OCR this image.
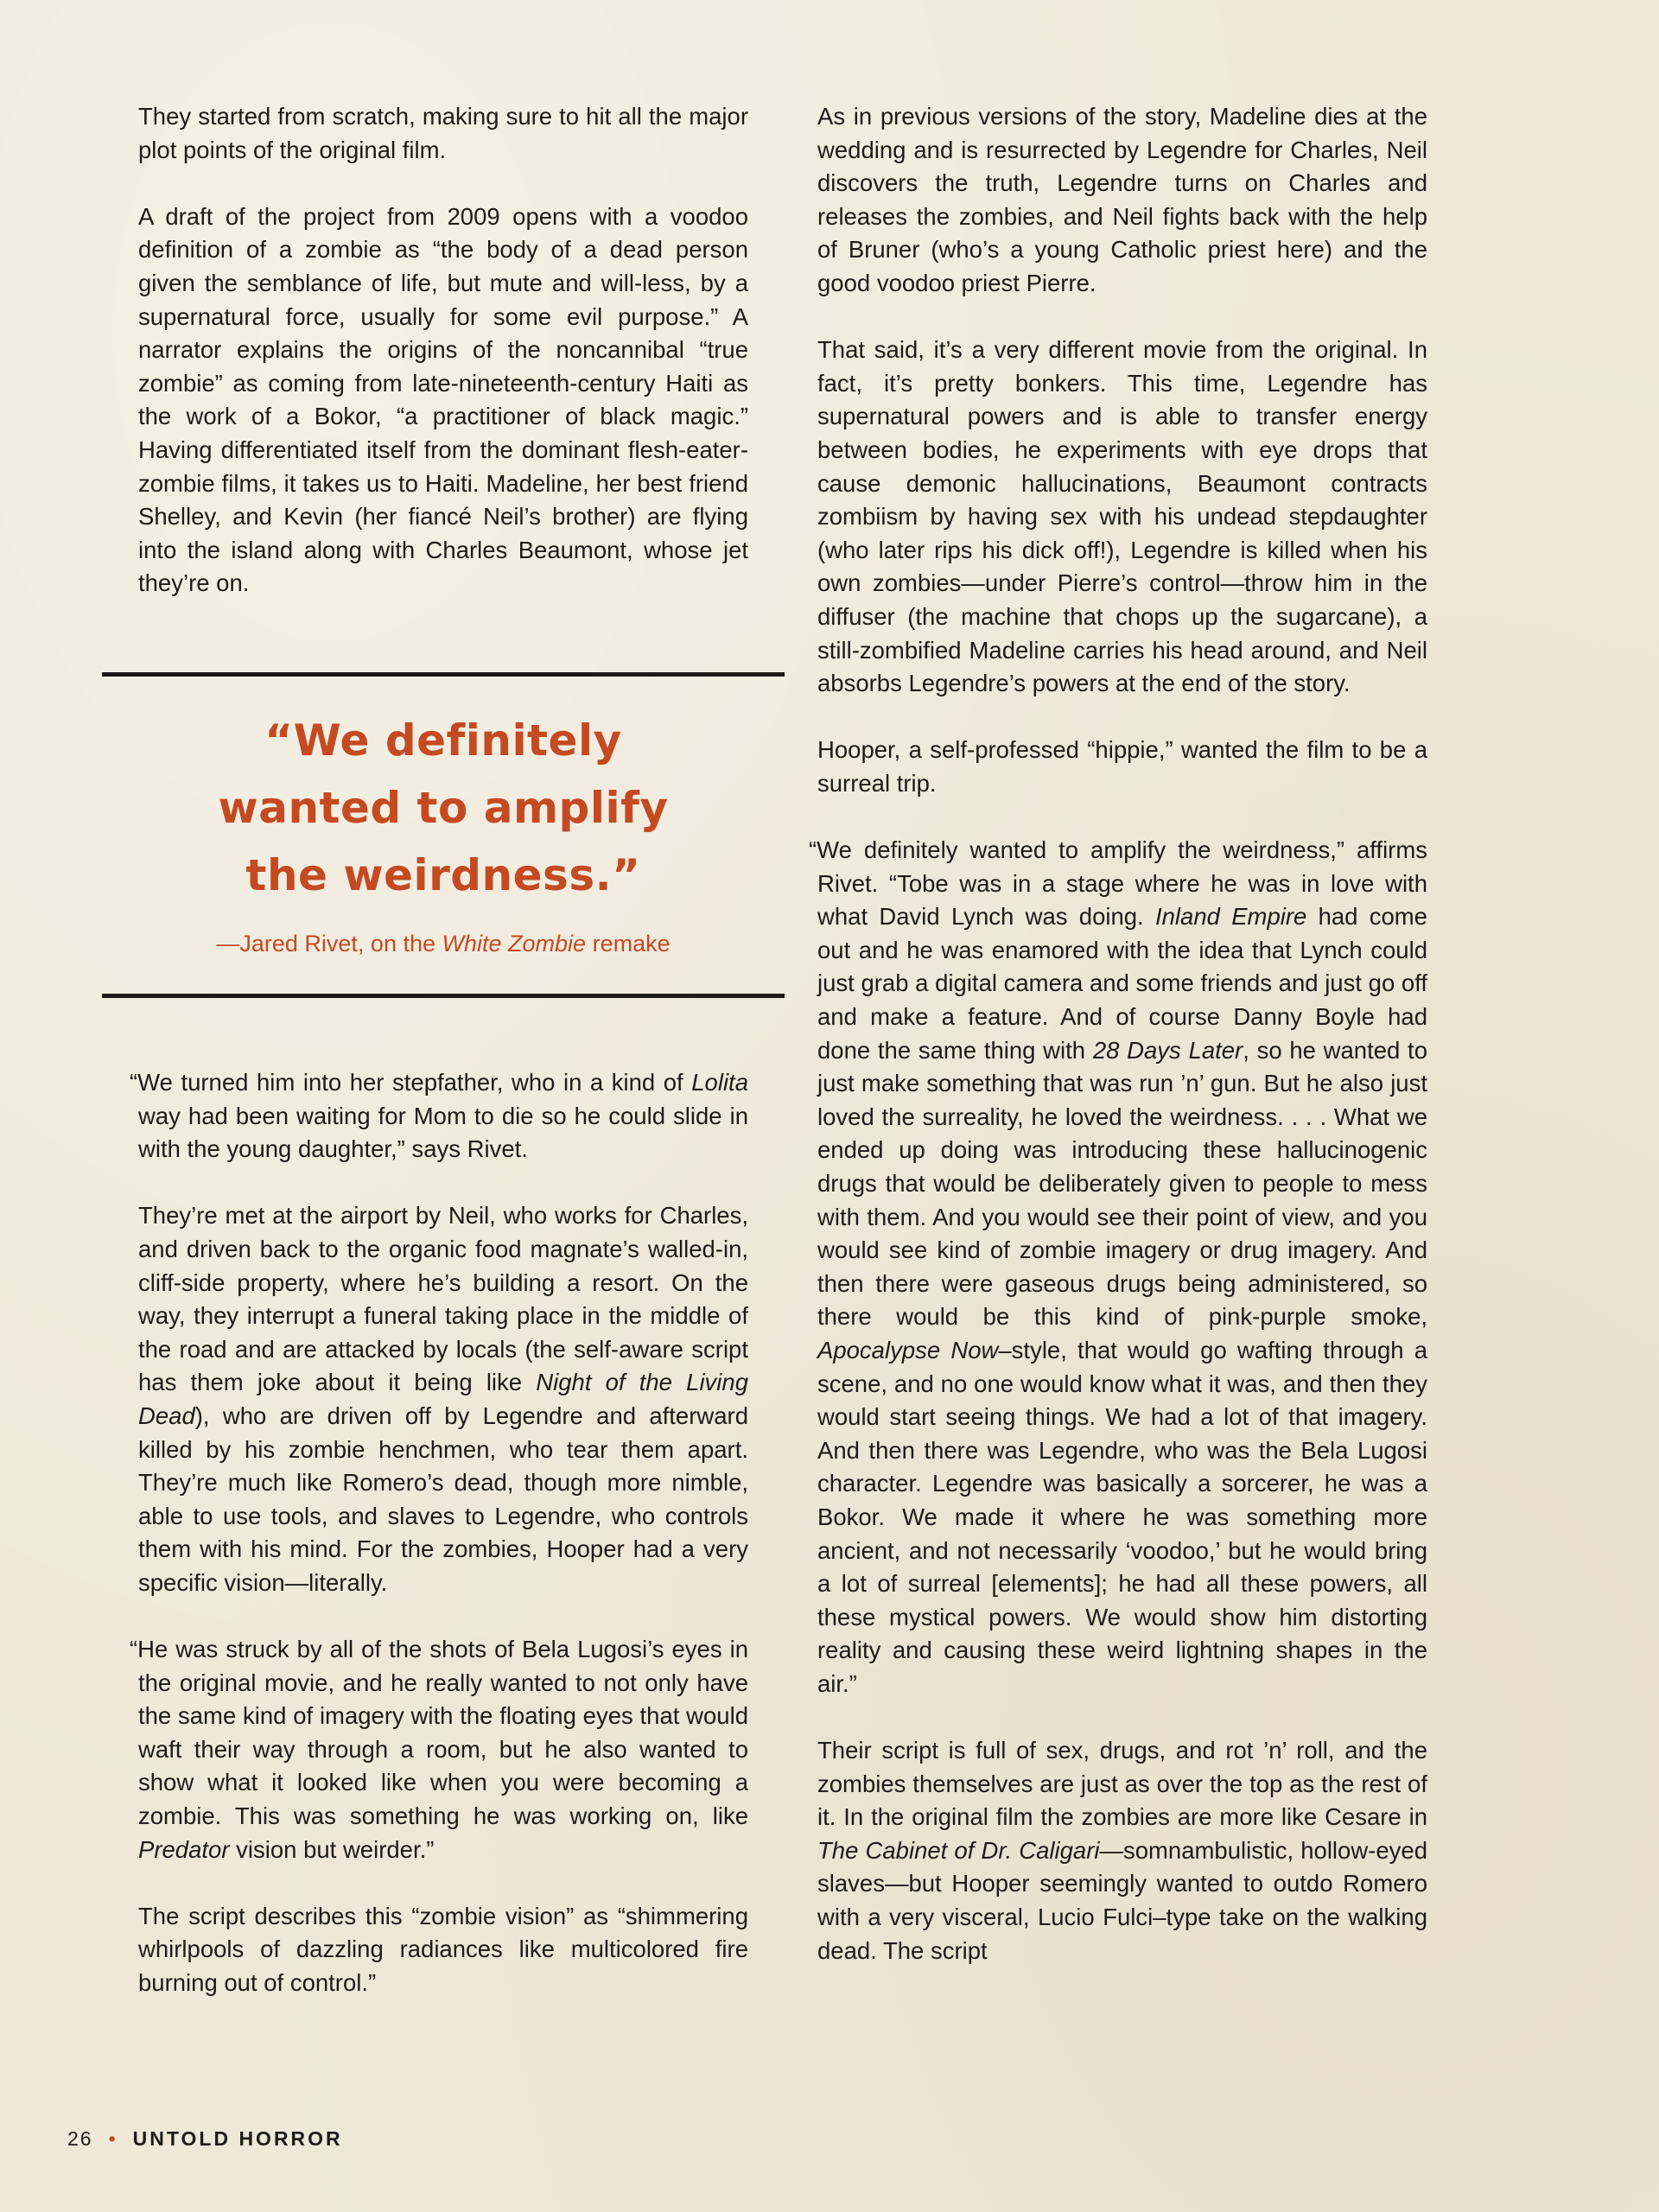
They started from scratch, making sure to hit all the major plot points of the original film.

A draft of the project from 2009 opens with a voodoo definition of a zombie as “the body of a dead person given the semblance of life, but mute and will-less, by a supernatural force, usually for some evil purpose.” A narrator explains the origins of the noncannibal “true zombie” as coming from late-nineteenth-century Haiti as the work of a Bokor, “a practitioner of black magic.” Having differentiated itself from the dominant flesh-eater-zombie films, it takes us to Haiti. Madeline, her best friend Shelley, and Kevin (her fiancé Neil’s brother) are flying into the island along with Charles Beaumont, whose jet they’re on.

“We definitely
wanted to amplify
the weirdness.”
—Jared Rivet, on the White Zombie remake

“We turned him into her stepfather, who in a kind of Lolita way had been waiting for Mom to die so he could slide in with the young daughter,” says Rivet.

They’re met at the airport by Neil, who works for Charles, and driven back to the organic food magnate’s walled-in, cliff-side property, where he’s building a resort. On the way, they interrupt a funeral taking place in the middle of the road and are attacked by locals (the self-aware script has them joke about it being like Night of the Living Dead), who are driven off by Legendre and afterward killed by his zombie henchmen, who tear them apart. They’re much like Romero’s dead, though more nimble, able to use tools, and slaves to Legendre, who controls them with his mind. For the zombies, Hooper had a very specific vision—literally.

“He was struck by all of the shots of Bela Lugosi’s eyes in the original movie, and he really wanted to not only have the same kind of imagery with the floating eyes that would waft their way through a room, but he also wanted to show what it looked like when you were becoming a zombie. This was something he was working on, like Predator vision but weirder.”

The script describes this “zombie vision” as “shimmering whirlpools of dazzling radiances like multicolored fire burning out of control.”

As in previous versions of the story, Madeline dies at the wedding and is resurrected by Legendre for Charles, Neil discovers the truth, Legendre turns on Charles and releases the zombies, and Neil fights back with the help of Bruner (who’s a young Catholic priest here) and the good voodoo priest Pierre.

That said, it’s a very different movie from the original. In fact, it’s pretty bonkers. This time, Legendre has supernatural powers and is able to transfer energy between bodies, he experiments with eye drops that cause demonic hallucinations, Beaumont contracts zombiism by having sex with his undead stepdaughter (who later rips his dick off!), Legendre is killed when his own zombies—under Pierre’s control—throw him in the diffuser (the machine that chops up the sugarcane), a still-zombified Madeline carries his head around, and Neil absorbs Legendre’s powers at the end of the story.

Hooper, a self-professed “hippie,” wanted the film to be a surreal trip.

“We definitely wanted to amplify the weirdness,” affirms Rivet. “Tobe was in a stage where he was in love with what David Lynch was doing. Inland Empire had come out and he was enamored with the idea that Lynch could just grab a digital camera and some friends and just go off and make a feature. And of course Danny Boyle had done the same thing with 28 Days Later, so he wanted to just make something that was run ’n’ gun. But he also just loved the surreality, he loved the weirdness. . . . What we ended up doing was introducing these hallucinogenic drugs that would be deliberately given to people to mess with them. And you would see their point of view, and you would see kind of zombie imagery or drug imagery. And then there were gaseous drugs being administered, so there would be this kind of pink-purple smoke, Apocalypse Now–style, that would go wafting through a scene, and no one would know what it was, and then they would start seeing things. We had a lot of that imagery. And then there was Legendre, who was the Bela Lugosi character. Legendre was basically a sorcerer, he was a Bokor. We made it where he was something more ancient, and not necessarily ‘voodoo,’ but he would bring a lot of surreal [elements]; he had all these powers, all these mystical powers. We would show him distorting reality and causing these weird lightning shapes in the air.”

Their script is full of sex, drugs, and rot ’n’ roll, and the zombies themselves are just as over the top as the rest of it. In the original film the zombies are more like Cesare in The Cabinet of Dr. Caligari—somnambulistic, hollow-eyed slaves—but Hooper seemingly wanted to outdo Romero with a very visceral, Lucio Fulci–type take on the walking dead. The script

26 • UNTOLD HORROR
